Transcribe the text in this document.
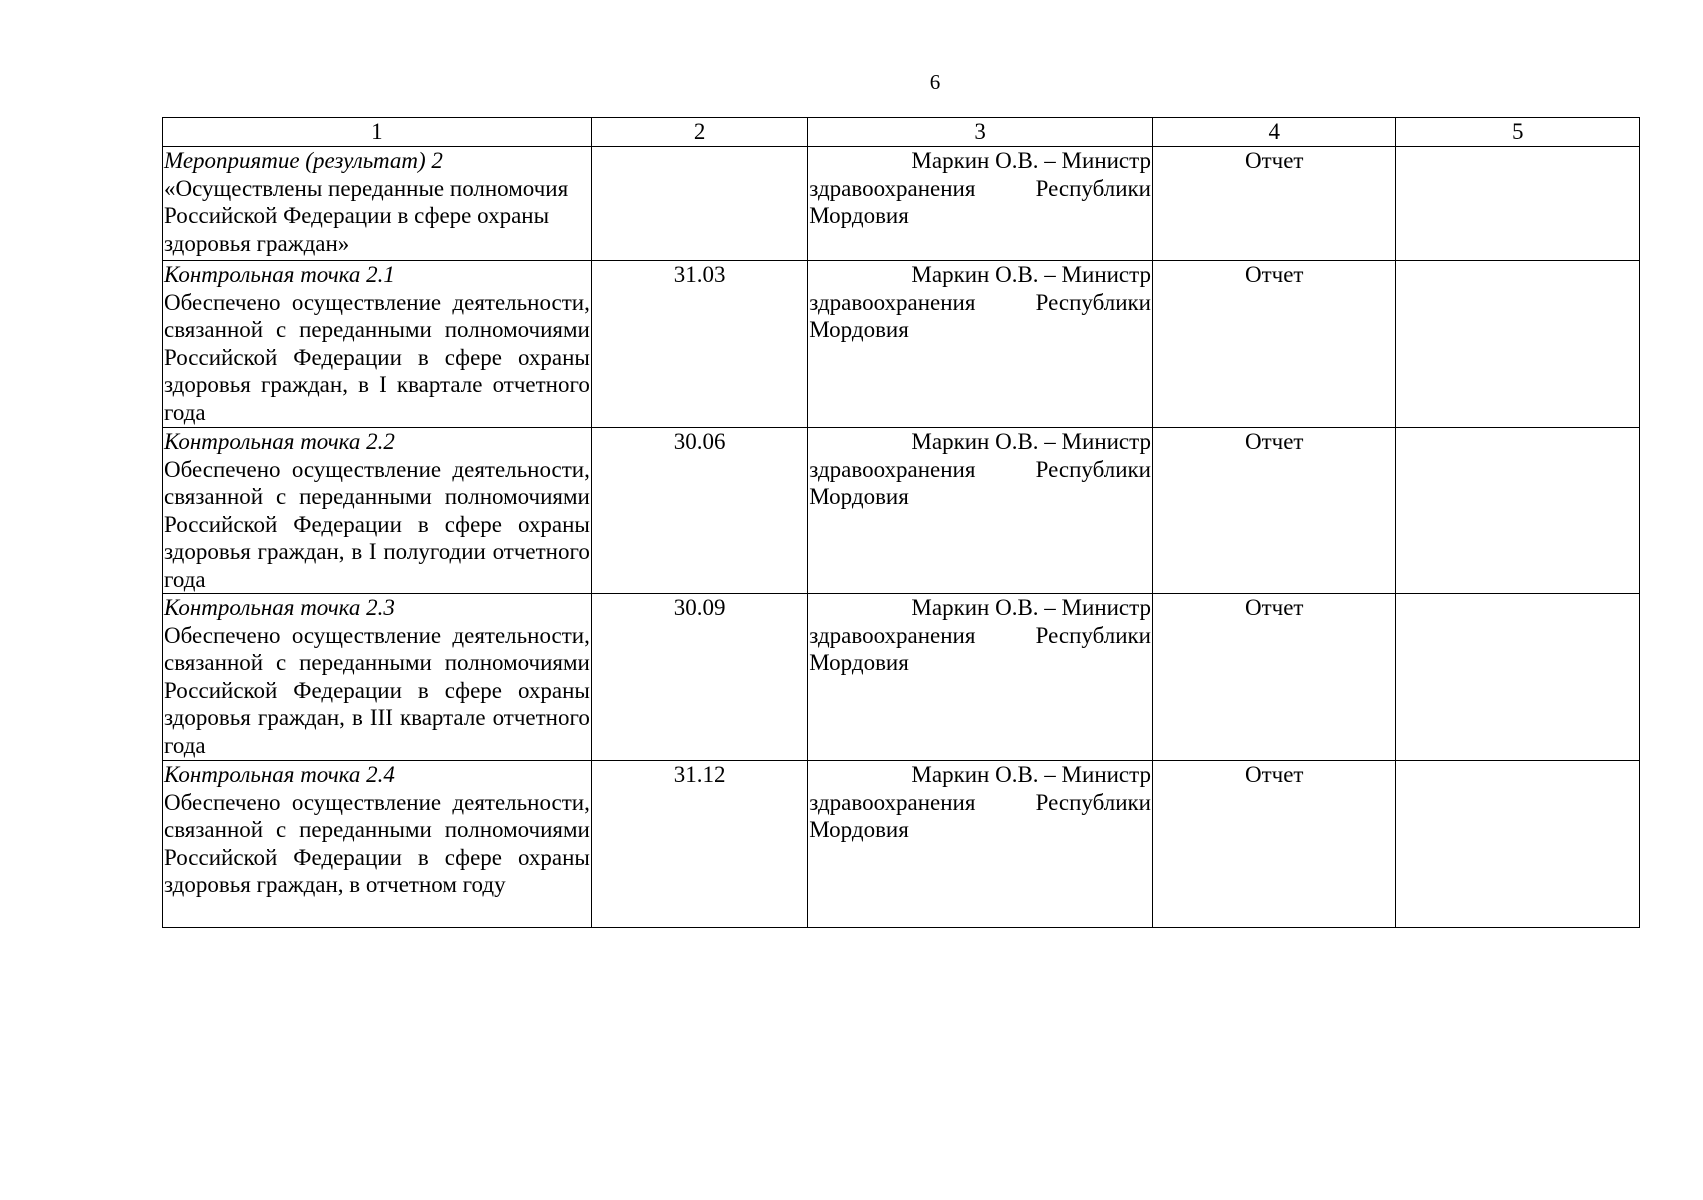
6
1	2	3	4	5

Мероприятие (результат) 2
«Осуществлены переданные полномочия Российской Федерации в сфере охраны здоровья граждан»		Маркин О.В. – Министр
здравоохранения Республики
Мордовия	Отчет	

Контрольная точка 2.1
Обеспечено осуществление деятельности, связанной с переданными полномочиями Российской Федерации в сфере охраны здоровья граждан, в I квартале отчетного года	31.03	Маркин О.В. – Министр
здравоохранения Республики
Мордовия	Отчет	

Контрольная точка 2.2
Обеспечено осуществление деятельности, связанной с переданными полномочиями Российской Федерации в сфере охраны здоровья граждан, в I полугодии отчетного года	30.06	Маркин О.В. – Министр
здравоохранения Республики
Мордовия	Отчет	

Контрольная точка 2.3
Обеспечено осуществление деятельности, связанной с переданными полномочиями Российской Федерации в сфере охраны здоровья граждан, в III квартале отчетного года	30.09	Маркин О.В. – Министр
здравоохранения Республики
Мордовия	Отчет	

Контрольная точка 2.4
Обеспечено осуществление деятельности, связанной с переданными полномочиями Российской Федерации в сфере охраны здоровья граждан, в отчетном году	31.12	Маркин О.В. – Министр
здравоохранения Республики
Мордовия	Отчет	
